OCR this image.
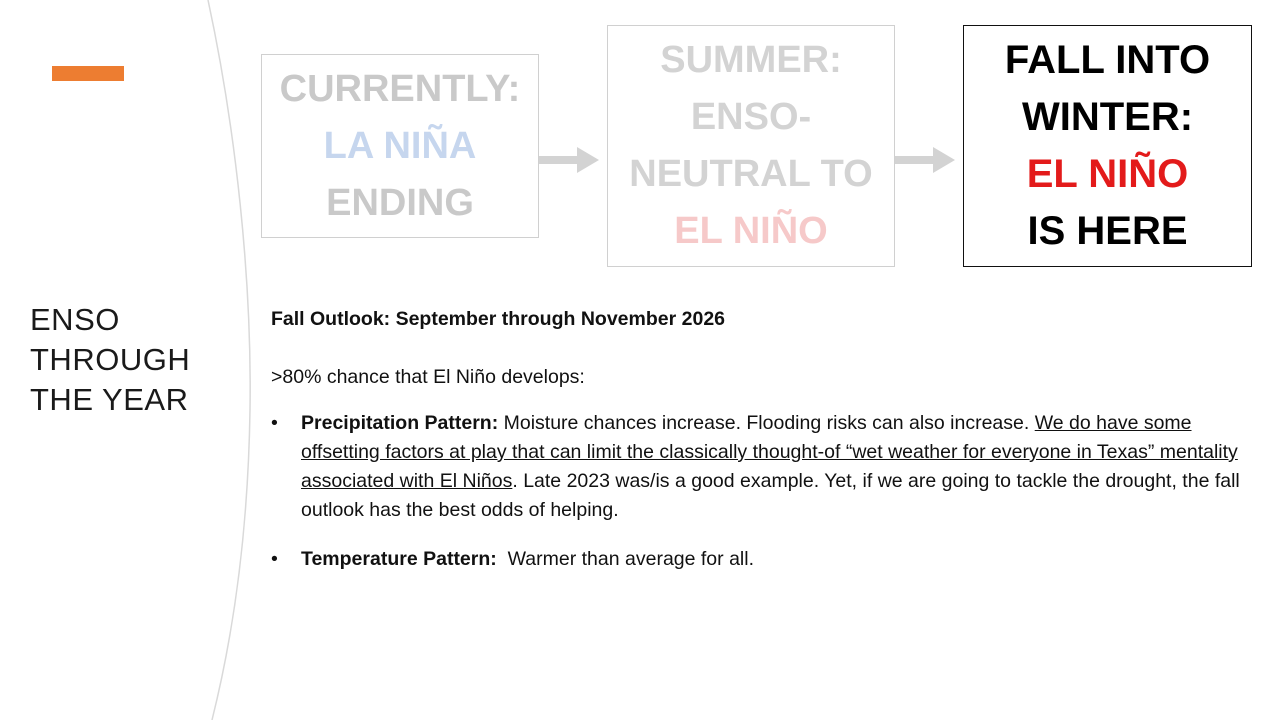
ENSO
THROUGH
THE YEAR
CURRENTLY:
LA NIÑA
ENDING
SUMMER:
ENSO-
NEUTRAL TO
EL NIÑO
FALL INTO
WINTER:
EL NIÑO
IS HERE

Fall Outlook: September through November 2026

>80% chance that El Niño develops:

• Precipitation Pattern: Moisture chances increase. Flooding risks can also increase. We do have some offsetting factors at play that can limit the classically thought-of “wet weather for everyone in Texas” mentality associated with El Niños. Late 2023 was/is a good example. Yet, if we are going to tackle the drought, the fall outlook has the best odds of helping.
• Temperature Pattern:  Warmer than average for all.
